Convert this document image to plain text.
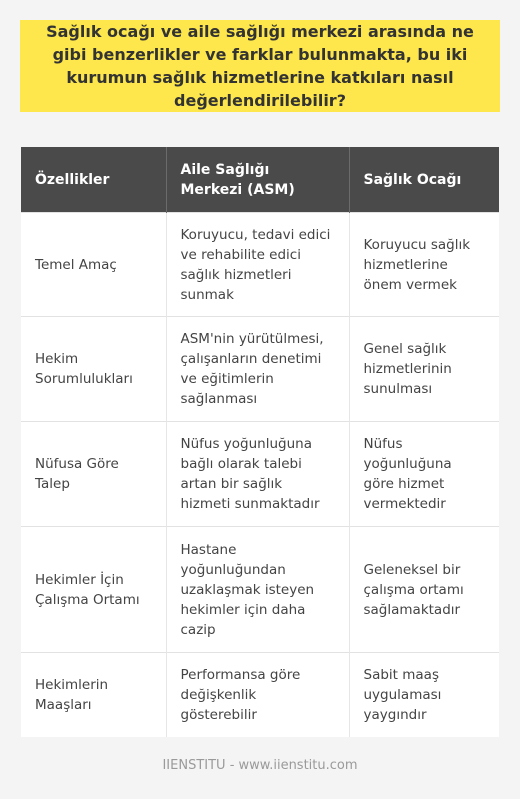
Sağlık ocağı ve aile sağlığı merkezi arasında ne gibi benzerlikler ve farklar bulunmakta, bu iki kurumun sağlık hizmetlerine katkıları nasıl değerlendirilebilir?
Özellikler	Aile Sağlığı Merkezi (ASM)	Sağlık Ocağı
Temel Amaç	Koruyucu, tedavi edici ve rehabilite edici sağlık hizmetleri sunmak	Koruyucu sağlık hizmetlerine önem vermek
Hekim Sorumlulukları	ASM'nin yürütülmesi, çalışanların denetimi ve eğitimlerin sağlanması	Genel sağlık hizmetlerinin sunulması
Nüfusa Göre Talep	Nüfus yoğunluğuna bağlı olarak talebi artan bir sağlık hizmeti sunmaktadır	Nüfus yoğunluğuna göre hizmet vermektedir
Hekimler İçin Çalışma Ortamı	Hastane yoğunluğundan uzaklaşmak isteyen hekimler için daha cazip	Geleneksel bir çalışma ortamı sağlamaktadır
Hekimlerin Maaşları	Performansa göre değişkenlik gösterebilir	Sabit maaş uygulaması yaygındır
IIENSTITU - www.iienstitu.com
